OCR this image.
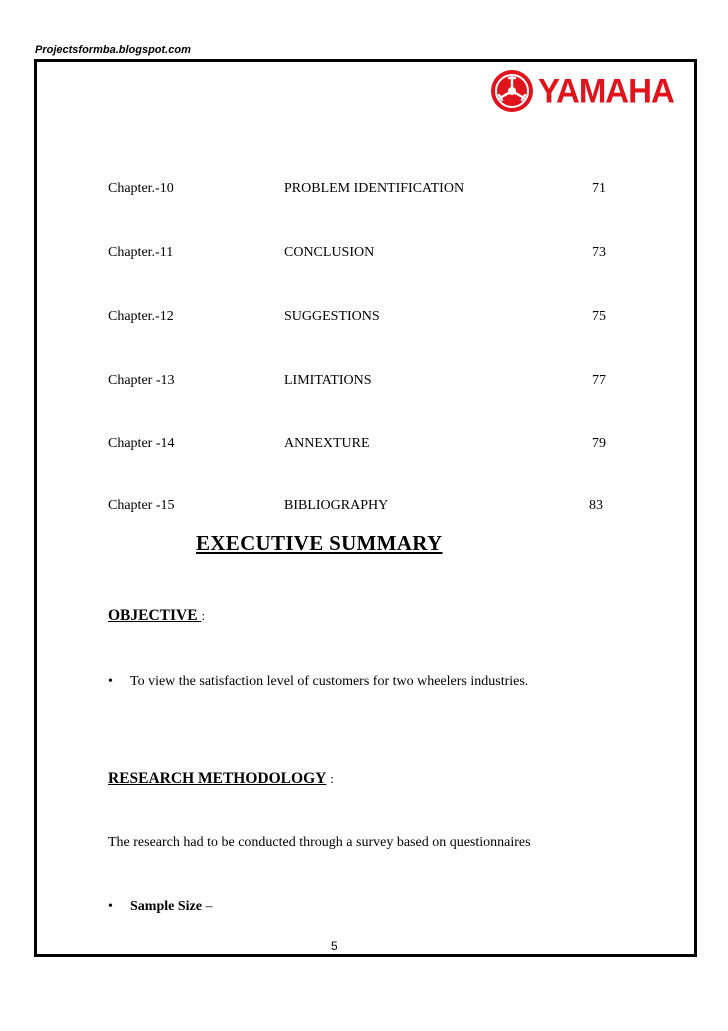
Projectsformba.blogspot.com
YAMAHA
Chapter.-10	PROBLEM IDENTIFICATION	71
Chapter.-11	CONCLUSION	73
Chapter.-12	SUGGESTIONS	75
Chapter -13	LIMITATIONS	77
Chapter -14	ANNEXTURE	79
Chapter -15	BIBLIOGRAPHY	83
EXECUTIVE SUMMARY
OBJECTIVE :
• To view the satisfaction level of customers for two wheelers industries.
RESEARCH METHODOLOGY :
The research had to be conducted through a survey based on questionnaires
• Sample Size –
5
